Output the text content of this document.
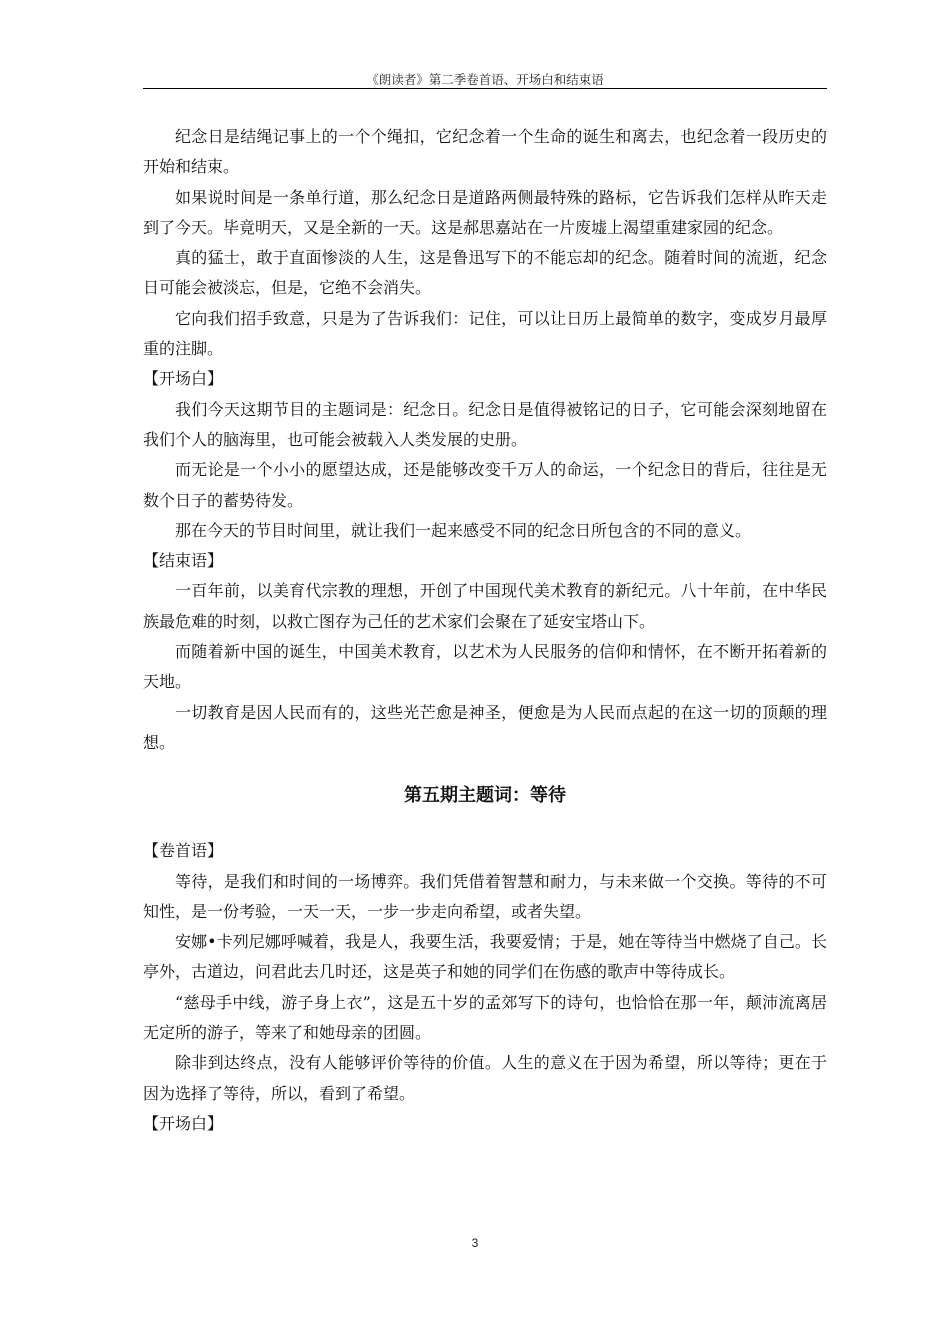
《朗读者》第二季卷首语、开场白和结束语

纪念日是结绳记事上的一个个绳扣，它纪念着一个生命的诞生和离去，也纪念着一段历史的开始和结束。

如果说时间是一条单行道，那么纪念日是道路两侧最特殊的路标，它告诉我们怎样从昨天走到了今天。毕竟明天，又是全新的一天。这是郝思嘉站在一片废墟上渴望重建家园的纪念。

真的猛士，敢于直面惨淡的人生，这是鲁迅写下的不能忘却的纪念。随着时间的流逝，纪念日可能会被淡忘，但是，它绝不会消失。

它向我们招手致意，只是为了告诉我们：记住，可以让日历上最简单的数字，变成岁月最厚重的注脚。

【开场白】

我们今天这期节目的主题词是：纪念日。纪念日是值得被铭记的日子，它可能会深刻地留在我们个人的脑海里，也可能会被载入人类发展的史册。

而无论是一个小小的愿望达成，还是能够改变千万人的命运，一个纪念日的背后，往往是无数个日子的蓄势待发。

那在今天的节目时间里，就让我们一起来感受不同的纪念日所包含的不同的意义。

【结束语】

一百年前，以美育代宗教的理想，开创了中国现代美术教育的新纪元。八十年前，在中华民族最危难的时刻，以救亡图存为己任的艺术家们会聚在了延安宝塔山下。

而随着新中国的诞生，中国美术教育，以艺术为人民服务的信仰和情怀，在不断开拓着新的天地。

一切教育是因人民而有的，这些光芒愈是神圣，便愈是为人民而点起的在这一切的顶颠的理想。

第五期主题词：等待

【卷首语】

等待，是我们和时间的一场博弈。我们凭借着智慧和耐力，与未来做一个交换。等待的不可知性，是一份考验，一天一天，一步一步走向希望，或者失望。

安娜•卡列尼娜呼喊着，我是人，我要生活，我要爱情；于是，她在等待当中燃烧了自己。长亭外，古道边，问君此去几时还，这是英子和她的同学们在伤感的歌声中等待成长。

“慈母手中线，游子身上衣”，这是五十岁的孟郊写下的诗句，也恰恰在那一年，颠沛流离居无定所的游子，等来了和她母亲的团圆。

除非到达终点，没有人能够评价等待的价值。人生的意义在于因为希望，所以等待；更在于因为选择了等待，所以，看到了希望。

【开场白】

3
